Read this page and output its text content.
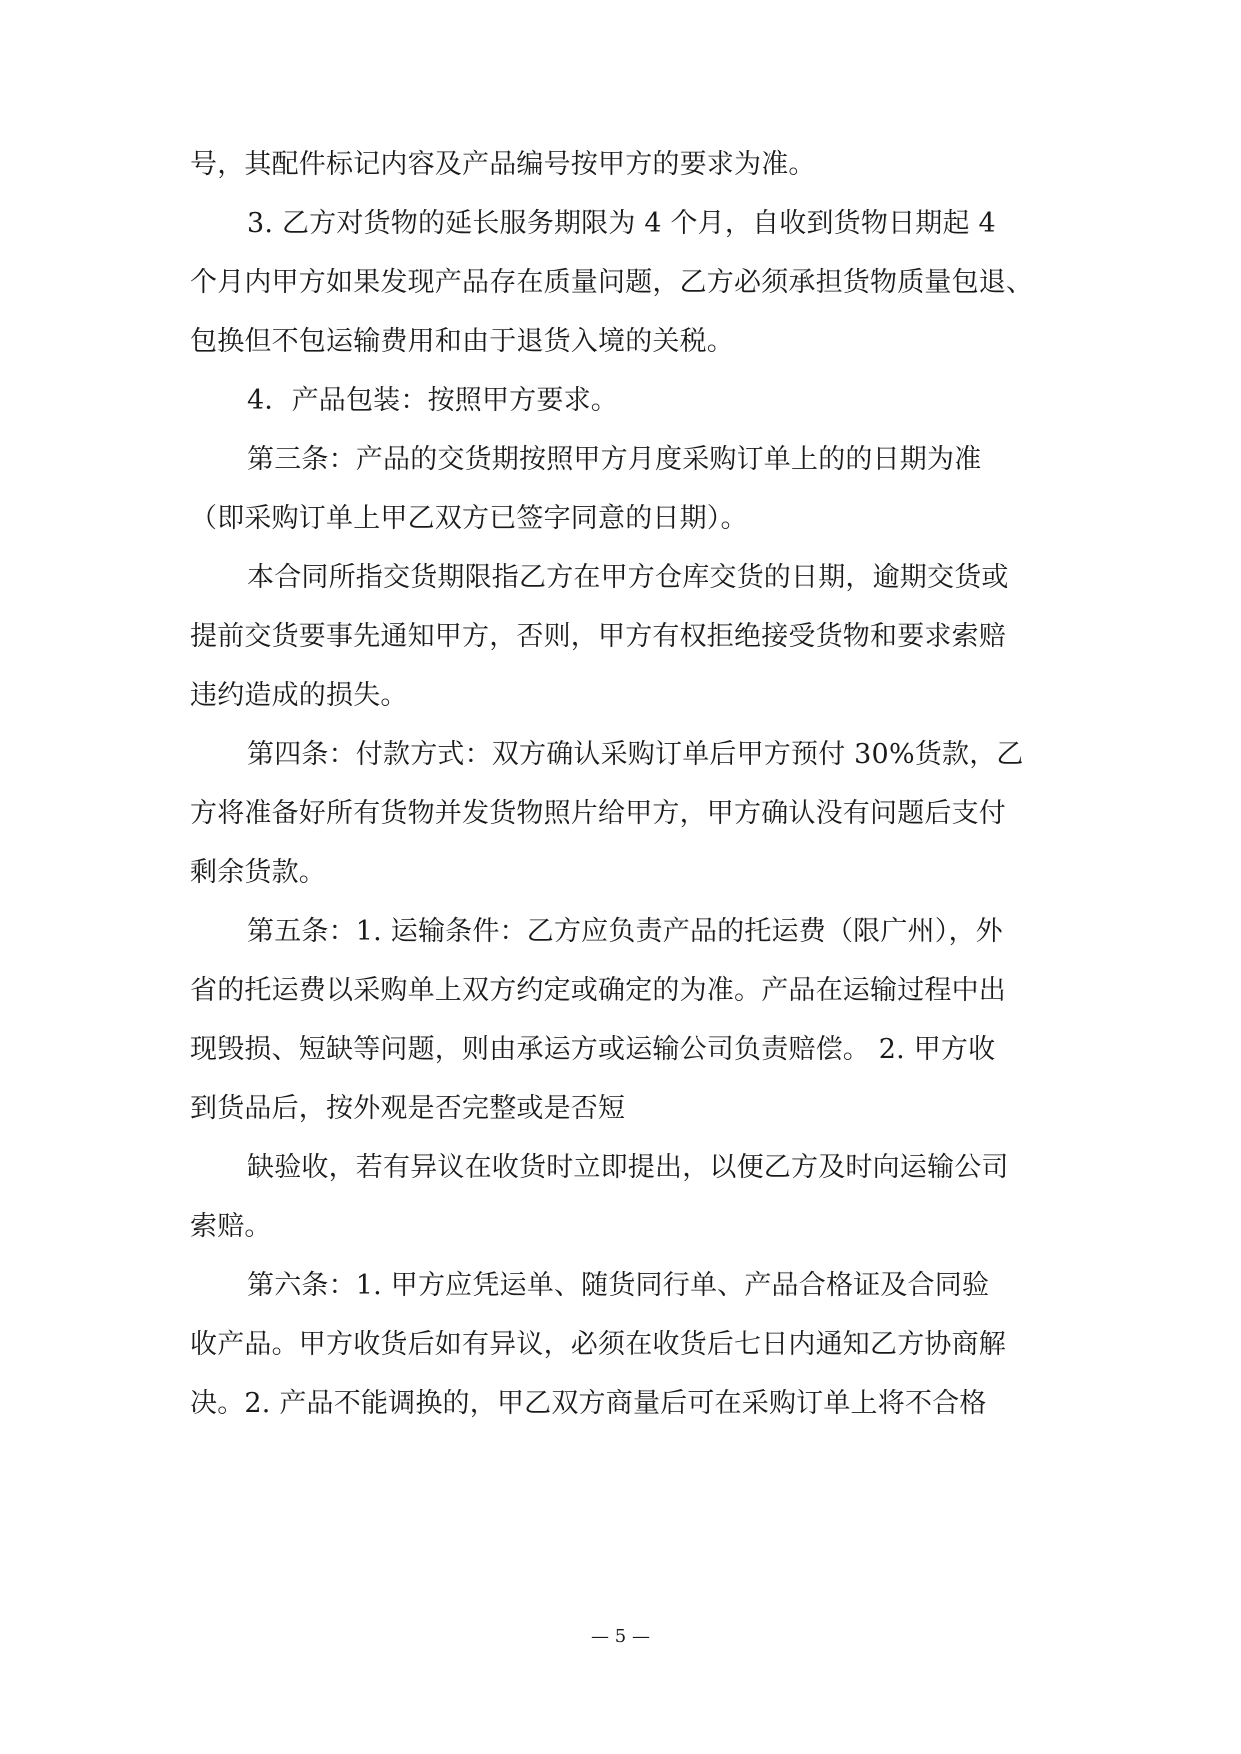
号，其配件标记内容及产品编号按甲方的要求为准。
3. 乙方对货物的延长服务期限为 4 个月，自收到货物日期起 4
个月内甲方如果发现产品存在质量问题，乙方必须承担货物质量包退、
包换但不包运输费用和由于退货入境的关税。
4．产品包装：按照甲方要求。
第三条：产品的交货期按照甲方月度采购订单上的的日期为准
（即采购订单上甲乙双方已签字同意的日期）。
本合同所指交货期限指乙方在甲方仓库交货的日期，逾期交货或
提前交货要事先通知甲方，否则，甲方有权拒绝接受货物和要求索赔
违约造成的损失。
第四条：付款方式：双方确认采购订单后甲方预付 30%货款，乙
方将准备好所有货物并发货物照片给甲方，甲方确认没有问题后支付
剩余货款。
第五条：1. 运输条件：乙方应负责产品的托运费（限广州），外
省的托运费以采购单上双方约定或确定的为准。产品在运输过程中出
现毁损、短缺等问题，则由承运方或运输公司负责赔偿。 2. 甲方收
到货品后，按外观是否完整或是否短
缺验收，若有异议在收货时立即提出，以便乙方及时向运输公司
索赔。
第六条：1. 甲方应凭运单、随货同行单、产品合格证及合同验
收产品。甲方收货后如有异议，必须在收货后七日内通知乙方协商解
决。2. 产品不能调换的，甲乙双方商量后可在采购订单上将不合格
— 5 —
